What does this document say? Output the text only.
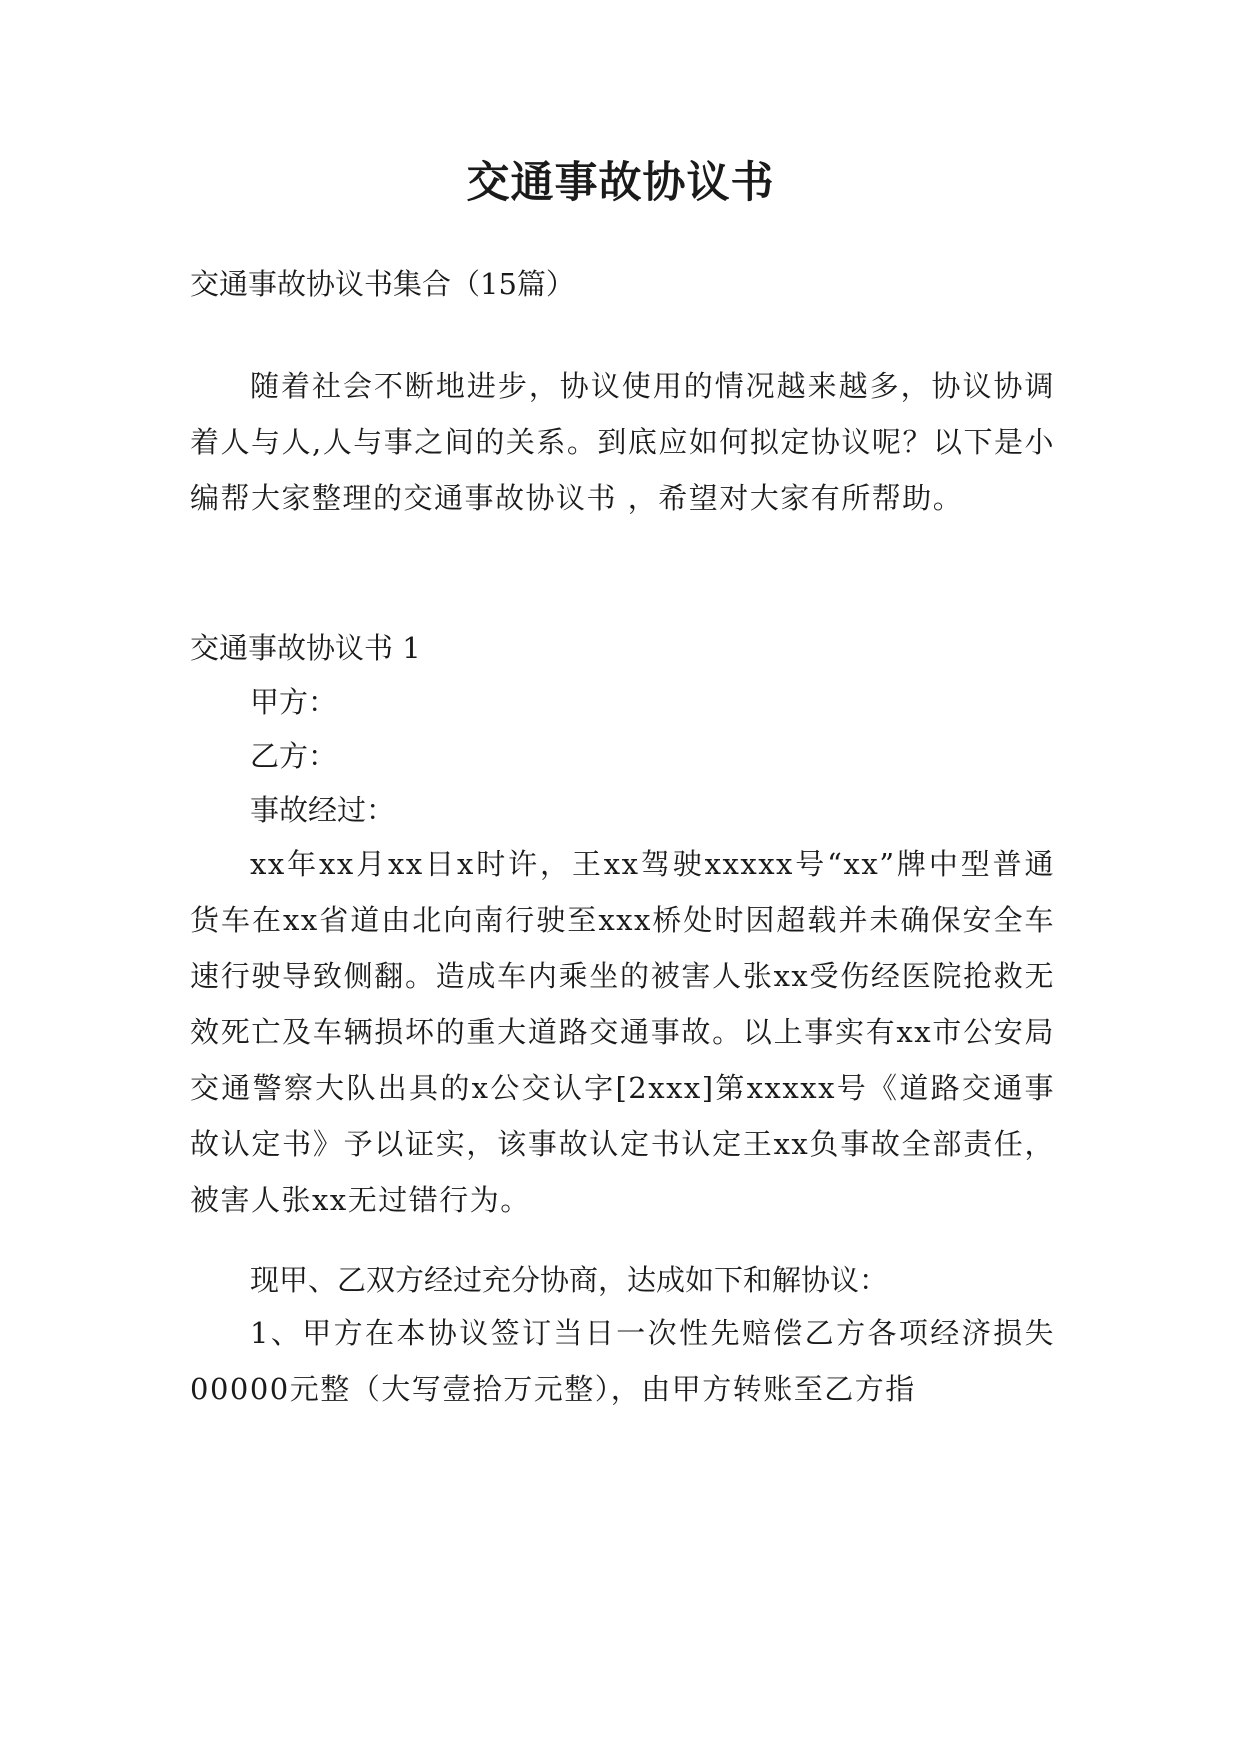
交通事故协议书

交通事故协议书集合（15篇）

随着社会不断地进步，协议使用的情况越来越多，协议协调着人与人,人与事之间的关系。到底应如何拟定协议呢？以下是小编帮大家整理的交通事故协议书 ，希望对大家有所帮助。

交通事故协议书 1

甲方：

乙方：

事故经过：

xx年xx月xx日x时许，王xx驾驶xxxxx号“xx”牌中型普通货车在xx省道由北向南行驶至xxx桥处时因超载并未确保安全车速行驶导致侧翻。造成车内乘坐的被害人张xx受伤经医院抢救无效死亡及车辆损坏的重大道路交通事故。以上事实有xx市公安局交通警察大队出具的x公交认字[2xxx]第xxxxx号《道路交通事故认定书》予以证实，该事故认定书认定王xx负事故全部责任，被害人张xx无过错行为。

现甲、乙双方经过充分协商，达成如下和解协议：

1、甲方在本协议签订当日一次性先赔偿乙方各项经济损失00000元整（大写壹拾万元整），由甲方转账至乙方指
